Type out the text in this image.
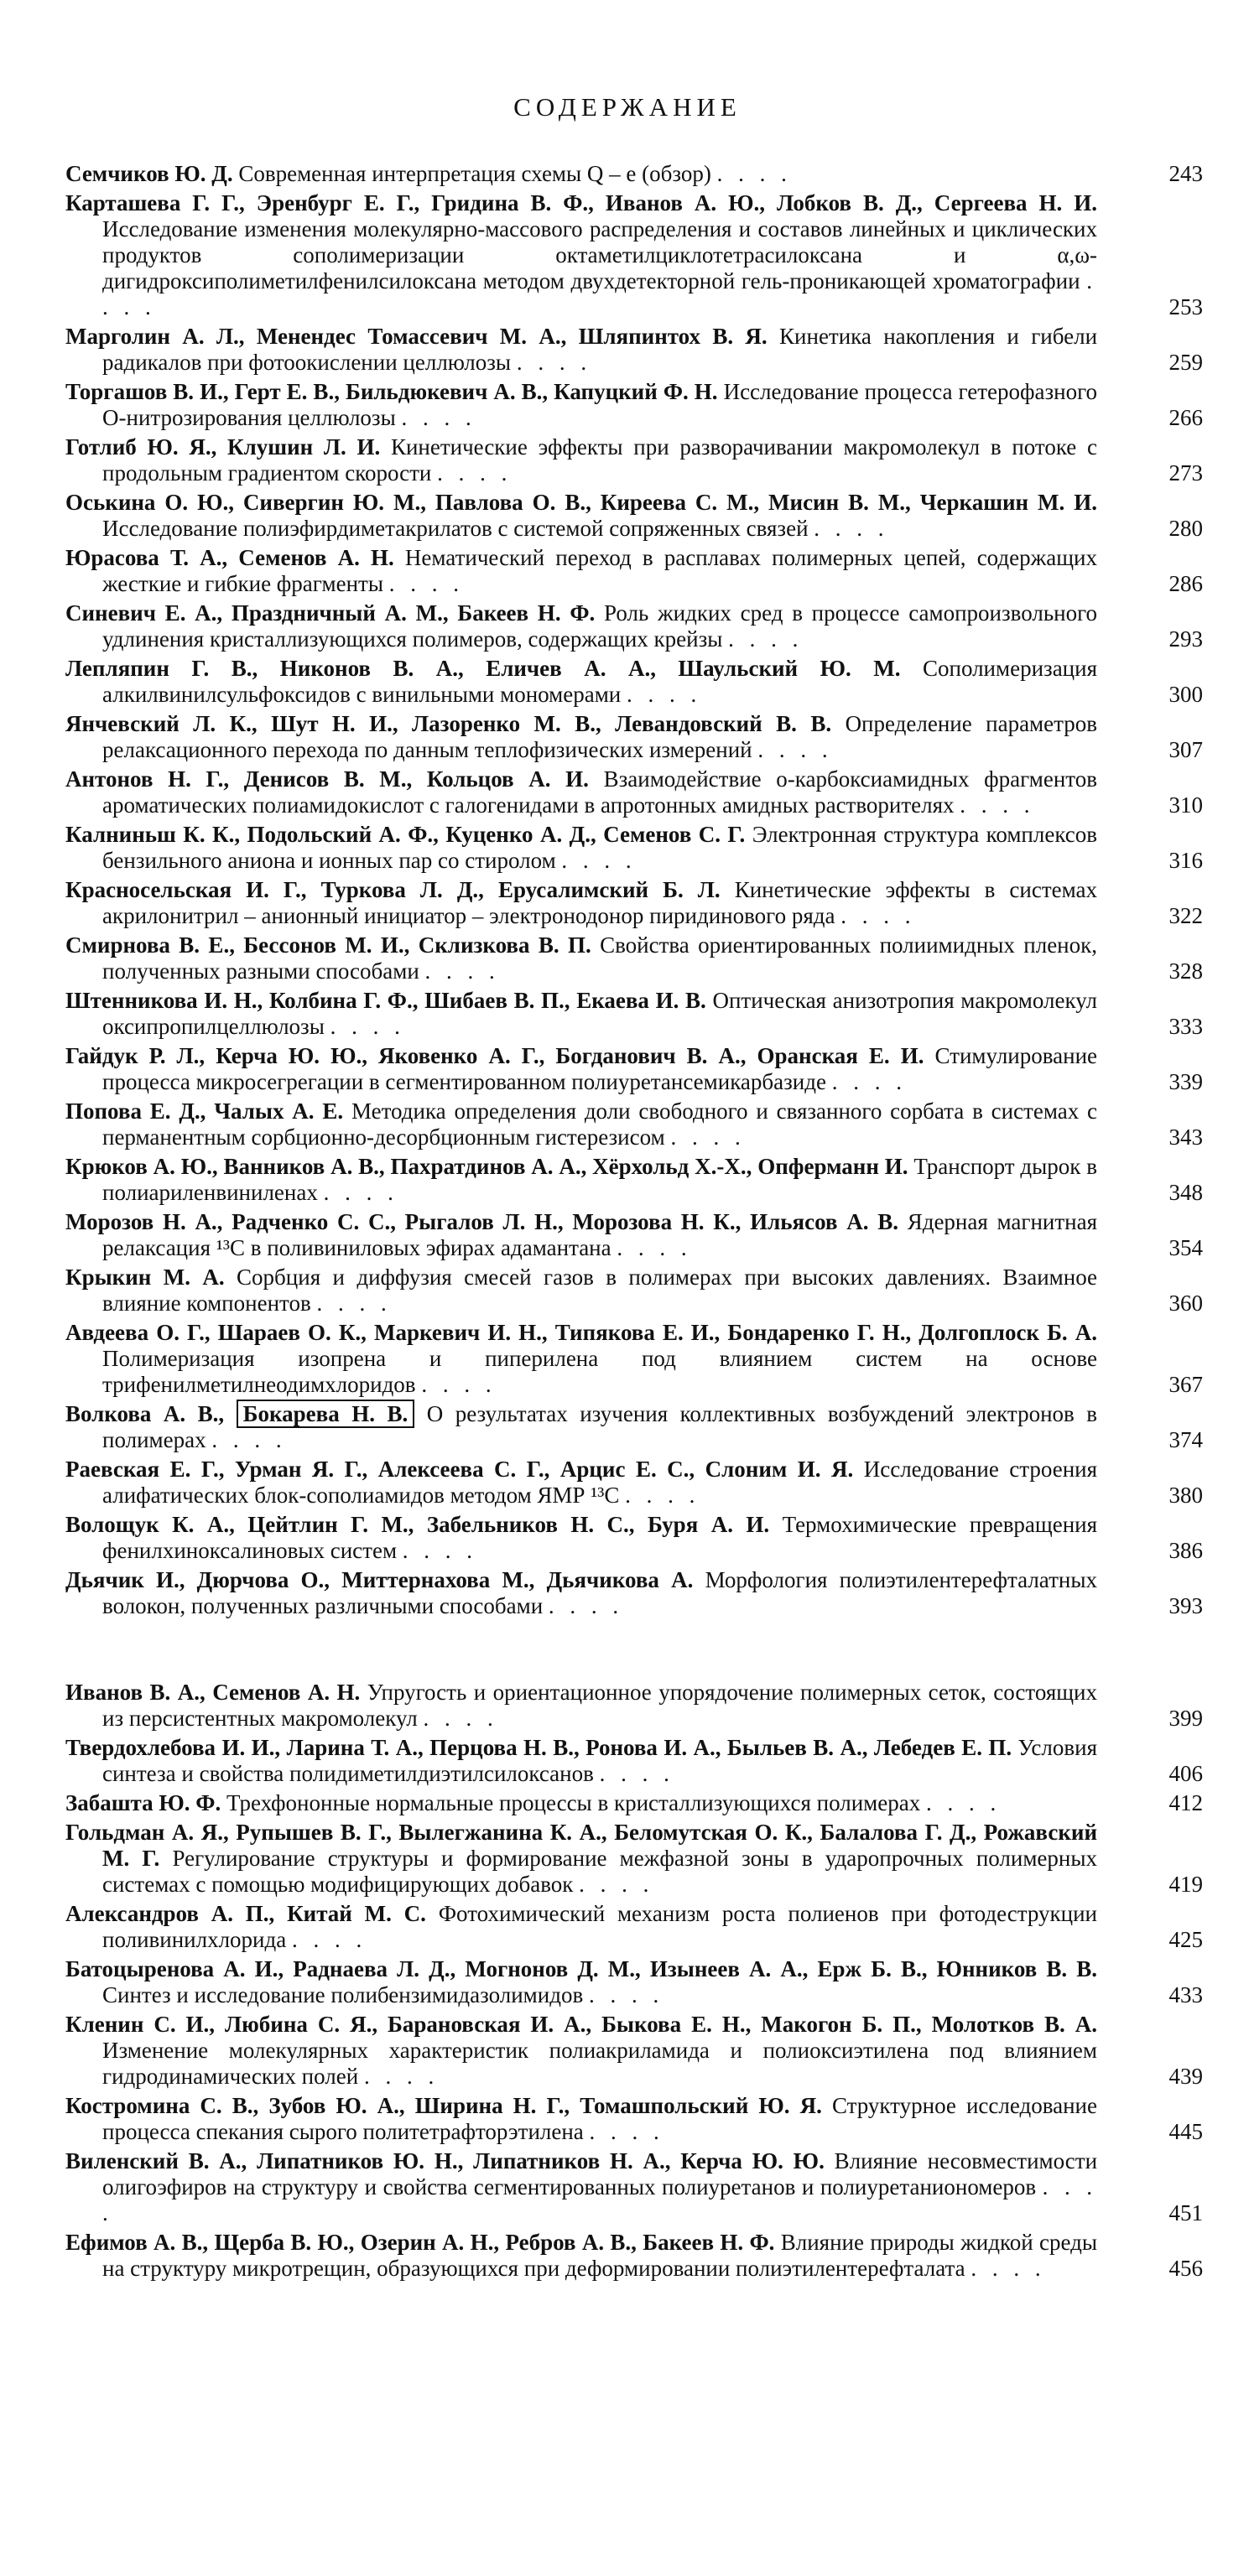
СОДЕРЖАНИЕ
Семчиков Ю. Д. Современная интерпретация схемы Q – e (обзор) . . . .	243
Карташева Г. Г., Эренбург Е. Г., Гридина В. Ф., Иванов А. Ю., Лобков В. Д., Сергеева Н. И. Исследование изменения молекулярно-массового распределения и составов линейных и циклических продуктов сополимеризации октаметилциклотетрасилоксана и α,ω-дигидроксиполиметилфенилсилоксана методом двухдетекторной гель-проникающей хроматографии . . . .	253
Марголин А. Л., Менендес Томассевич М. А., Шляпинтох В. Я. Кинетика накопления и гибели радикалов при фотоокислении целлюлозы . . . .	259
Торгашов В. И., Герт Е. В., Бильдюкевич А. В., Капуцкий Ф. Н. Исследование процесса гетерофазного О-нитрозирования целлюлозы . . . .	266
Готлиб Ю. Я., Клушин Л. И. Кинетические эффекты при разворачивании макромолекул в потоке с продольным градиентом скорости . . . .	273
Оськина О. Ю., Сивергин Ю. М., Павлова О. В., Киреева С. М., Мисин В. М., Черкашин М. И. Исследование полиэфирдиметакрилатов с системой сопряженных связей . . . .	280
Юрасова Т. А., Семенов А. Н. Нематический переход в расплавах полимерных цепей, содержащих жесткие и гибкие фрагменты . . . .	286
Синевич Е. А., Праздничный А. М., Бакеев Н. Ф. Роль жидких сред в процессе самопроизвольного удлинения кристаллизующихся полимеров, содержащих крейзы . . . .	293
Лепляпин Г. В., Никонов В. А., Еличев А. А., Шаульский Ю. М. Сополимеризация алкилвинилсульфоксидов с винильными мономерами . . . .	300
Янчевский Л. К., Шут Н. И., Лазоренко М. В., Левандовский В. В. Определение параметров релаксационного перехода по данным теплофизических измерений . . . .	307
Антонов Н. Г., Денисов В. М., Кольцов А. И. Взаимодействие о-карбоксиамидных фрагментов ароматических полиамидокислот с галогенидами в апротонных амидных растворителях . . . .	310
Калниньш К. К., Подольский А. Ф., Куценко А. Д., Семенов С. Г. Электронная структура комплексов бензильного аниона и ионных пар со стиролом . . . .	316
Красносельская И. Г., Туркова Л. Д., Ерусалимский Б. Л. Кинетические эффекты в системах акрилонитрил – анионный инициатор – электронодонор пиридинового ряда . . . .	322
Смирнова В. Е., Бессонов М. И., Склизкова В. П. Свойства ориентированных полиимидных пленок, полученных разными способами . . . .	328
Штенникова И. Н., Колбина Г. Ф., Шибаев В. П., Екаева И. В. Оптическая анизотропия макромолекул оксипропилцеллюлозы . . . .	333
Гайдук Р. Л., Керча Ю. Ю., Яковенко А. Г., Богданович В. А., Оранская Е. И. Стимулирование процесса микросегрегации в сегментированном полиуретансемикарбазиде . . . .	339
Попова Е. Д., Чалых А. Е. Методика определения доли свободного и связанного сорбата в системах с перманентным сорбционно-десорбционным гистерезисом . . . .	343
Крюков А. Ю., Ванников А. В., Пахратдинов А. А., Хёрхольд Х.-Х., Опферманн И. Транспорт дырок в полиариленвиниленах . . . .	348
Морозов Н. А., Радченко С. С., Рыгалов Л. Н., Морозова Н. К., Ильясов А. В. Ядерная магнитная релаксация ¹³С в поливиниловых эфирах адамантана . . . .	354
Крыкин М. А. Сорбция и диффузия смесей газов в полимерах при высоких давлениях. Взаимное влияние компонентов . . . .	360
Авдеева О. Г., Шараев О. К., Маркевич И. Н., Типякова Е. И., Бондаренко Г. Н., Долгоплоск Б. А. Полимеризация изопрена и пиперилена под влиянием систем на основе трифенилметилнеодимхлоридов . . . .	367
Волкова А. В., Бокарева Н. В. О результатах изучения коллективных возбуждений электронов в полимерах . . . .	374
Раевская Е. Г., Урман Я. Г., Алексеева С. Г., Арцис Е. С., Слоним И. Я. Исследование строения алифатических блок-сополиамидов методом ЯМР ¹³С . . . .	380
Волощук К. А., Цейтлин Г. М., Забельников Н. С., Буря А. И. Термохимические превращения фенилхиноксалиновых систем . . . .	386
Дьячик И., Дюрчова О., Миттернахова М., Дьячикова А. Морфология полиэтилентерефталатных волокон, полученных различными способами . . . .	393
Иванов В. А., Семенов А. Н. Упругость и ориентационное упорядочение полимерных сеток, состоящих из персистентных макромолекул . . . .	399
Твердохлебова И. И., Ларина Т. А., Перцова Н. В., Ронова И. А., Быльев В. А., Лебедев Е. П. Условия синтеза и свойства полидиметилдиэтилсилоксанов . . . .	406
Забашта Ю. Ф. Трехфононные нормальные процессы в кристаллизующихся полимерах . . . .	412
Гольдман А. Я., Рупышев В. Г., Вылегжанина К. А., Беломутская О. К., Балалова Г. Д., Рожавский М. Г. Регулирование структуры и формирование межфазной зоны в ударопрочных полимерных системах с помощью модифицирующих добавок . . . .	419
Александров А. П., Китай М. С. Фотохимический механизм роста полиенов при фотодеструкции поливинилхлорида . . . .	425
Батоцыренова А. И., Раднаева Л. Д., Могнонов Д. М., Изынеев А. А., Ерж Б. В., Юнников В. В. Синтез и исследование полибензимидазолимидов . . . .	433
Кленин С. И., Любина С. Я., Барановская И. А., Быкова Е. Н., Макогон Б. П., Молотков В. А. Изменение молекулярных характеристик полиакриламида и полиоксиэтилена под влиянием гидродинамических полей . . . .	439
Костромина С. В., Зубов Ю. А., Ширина Н. Г., Томашпольский Ю. Я. Структурное исследование процесса спекания сырого политетрафторэтилена . . . .	445
Виленский В. А., Липатников Ю. Н., Липатников Н. А., Керча Ю. Ю. Влияние несовместимости олигоэфиров на структуру и свойства сегментированных полиуретанов и полиуретаниономеров . . . .	451
Ефимов А. В., Щерба В. Ю., Озерин А. Н., Ребров А. В., Бакеев Н. Ф. Влияние природы жидкой среды на структуру микротрещин, образующихся при деформировании полиэтилентерефталата . . . .	456
